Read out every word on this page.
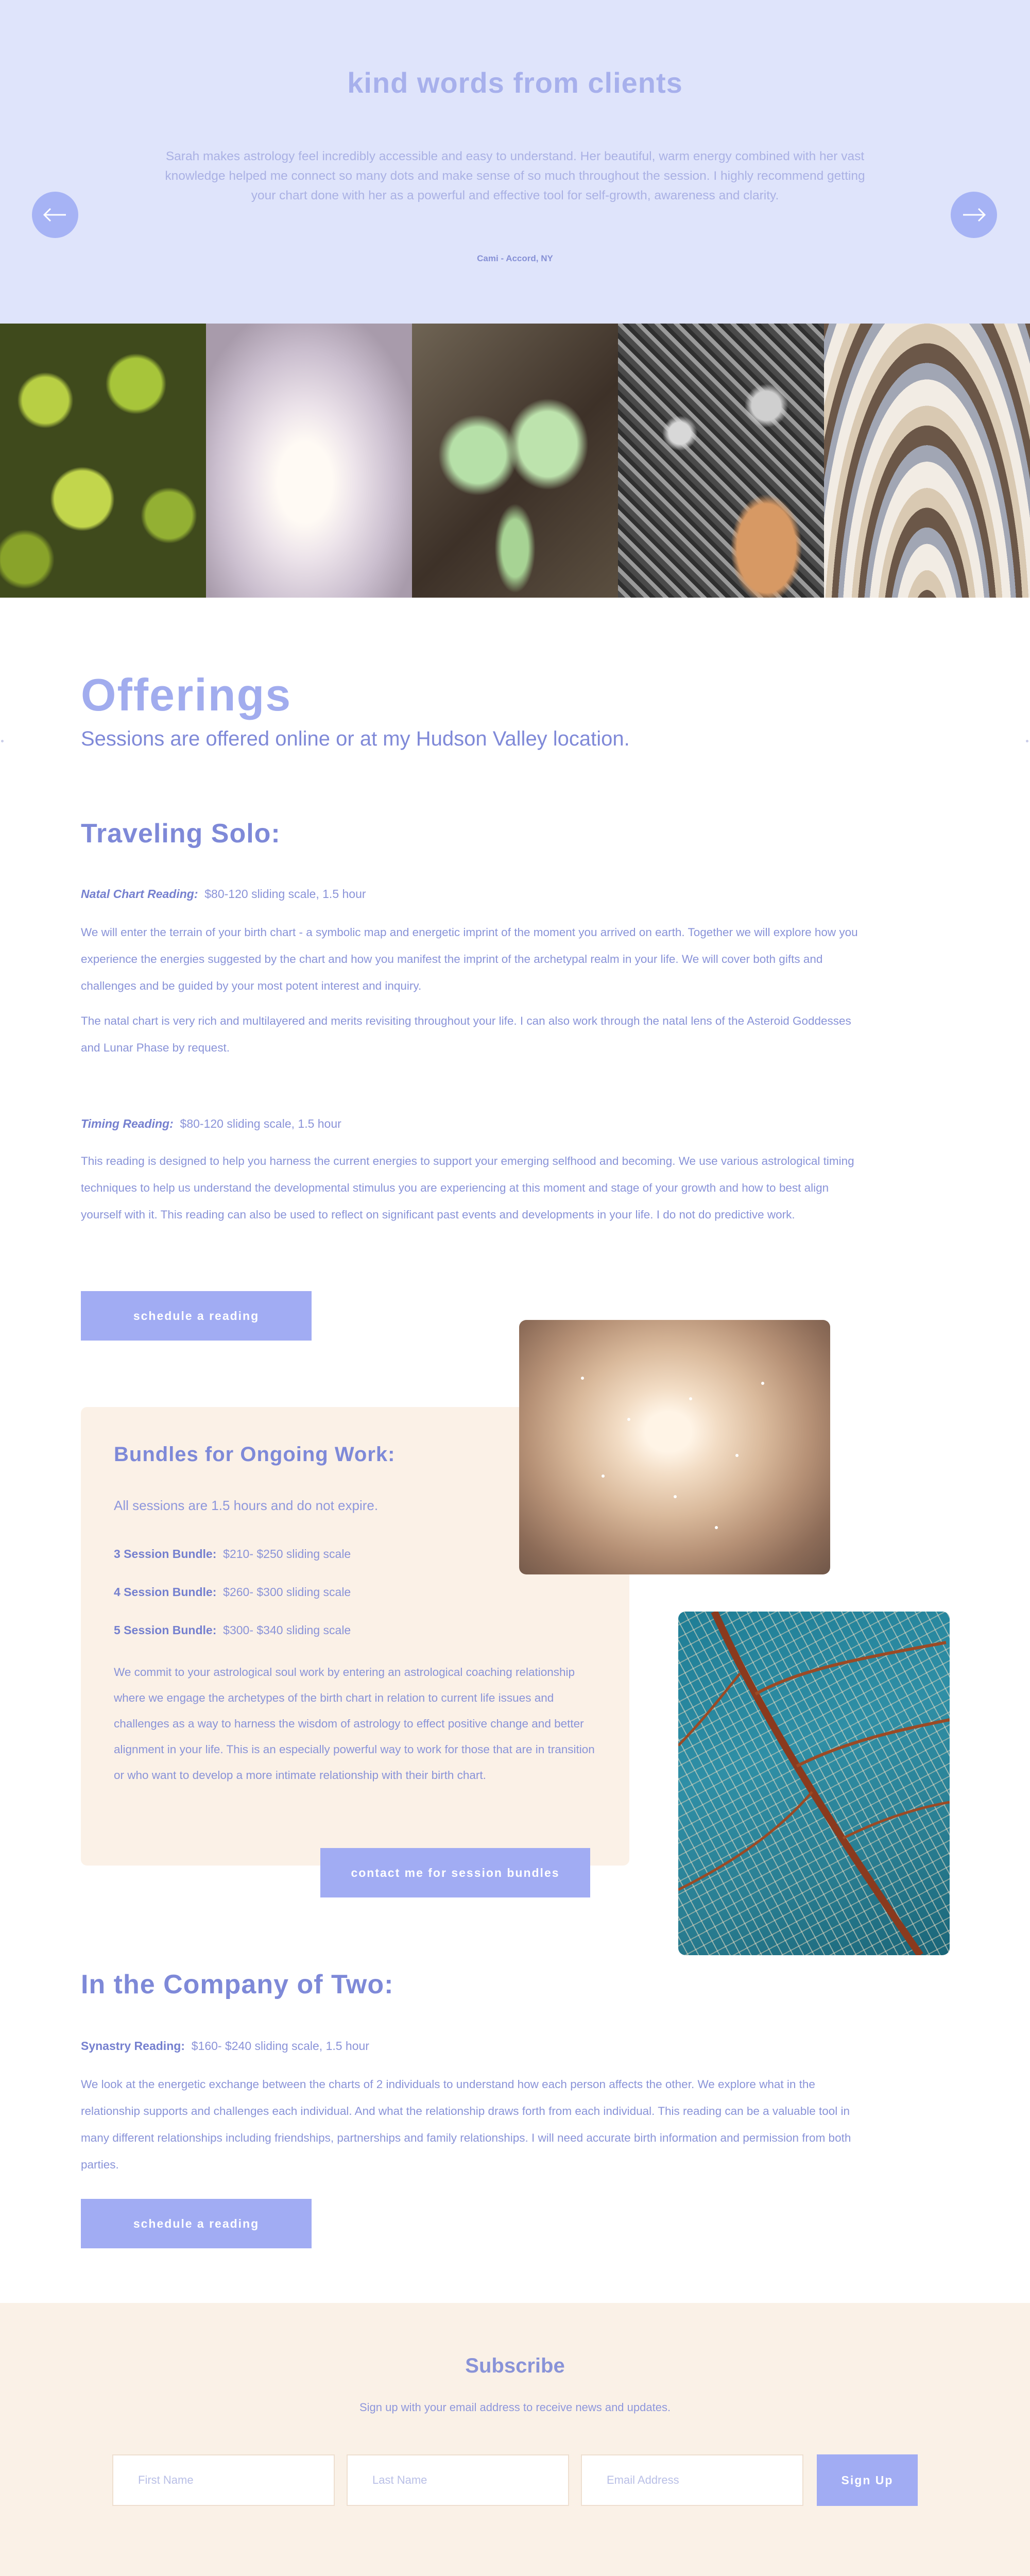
kind words from clients

Sarah makes astrology feel incredibly accessible and easy to understand. Her beautiful, warm energy combined with her vast knowledge helped me connect so many dots and make sense of so much throughout the session. I highly recommend getting your chart done with her as a powerful and effective tool for self-growth, awareness and clarity.

Cami - Accord, NY

Offerings

Sessions are offered online or at my Hudson Valley location.

Traveling Solo:

Natal Chart Reading: $80-120 sliding scale, 1.5 hour

We will enter the terrain of your birth chart - a symbolic map and energetic imprint of the moment you arrived on earth. Together we will explore how you experience the energies suggested by the chart and how you manifest the imprint of the archetypal realm in your life. We will cover both gifts and challenges and be guided by your most potent interest and inquiry.

The natal chart is very rich and multilayered and merits revisiting throughout your life. I can also work through the natal lens of the Asteroid Goddesses and Lunar Phase by request.

Timing Reading: $80-120 sliding scale, 1.5 hour

This reading is designed to help you harness the current energies to support your emerging selfhood and becoming. We use various astrological timing techniques to help us understand the developmental stimulus you are experiencing at this moment and stage of your growth and how to best align yourself with it. This reading can also be used to reflect on significant past events and developments in your life. I do not do predictive work.

schedule a reading
Bundles for Ongoing Work:

All sessions are 1.5 hours and do not expire.

3 Session Bundle: $210- $250 sliding scale

4 Session Bundle: $260- $300 sliding scale

5 Session Bundle: $300- $340 sliding scale

We commit to your astrological soul work by entering an astrological coaching relationship where we engage the archetypes of the birth chart in relation to current life issues and challenges as a way to harness the wisdom of astrology to effect positive change and better alignment in your life. This is an especially powerful way to work for those that are in transition or who want to develop a more intimate relationship with their birth chart.

contact me for session bundles
In the Company of Two:

Synastry Reading: $160- $240 sliding scale, 1.5 hour

We look at the energetic exchange between the charts of 2 individuals to understand how each person affects the other. We explore what in the relationship supports and challenges each individual. And what the relationship draws forth from each individual. This reading can be a valuable tool in many different relationships including friendships, partnerships and family relationships. I will need accurate birth information and permission from both parties.

schedule a reading
Subscribe

Sign up with your email address to receive news and updates.

First Name
Last Name
Email Address
Sign Up
